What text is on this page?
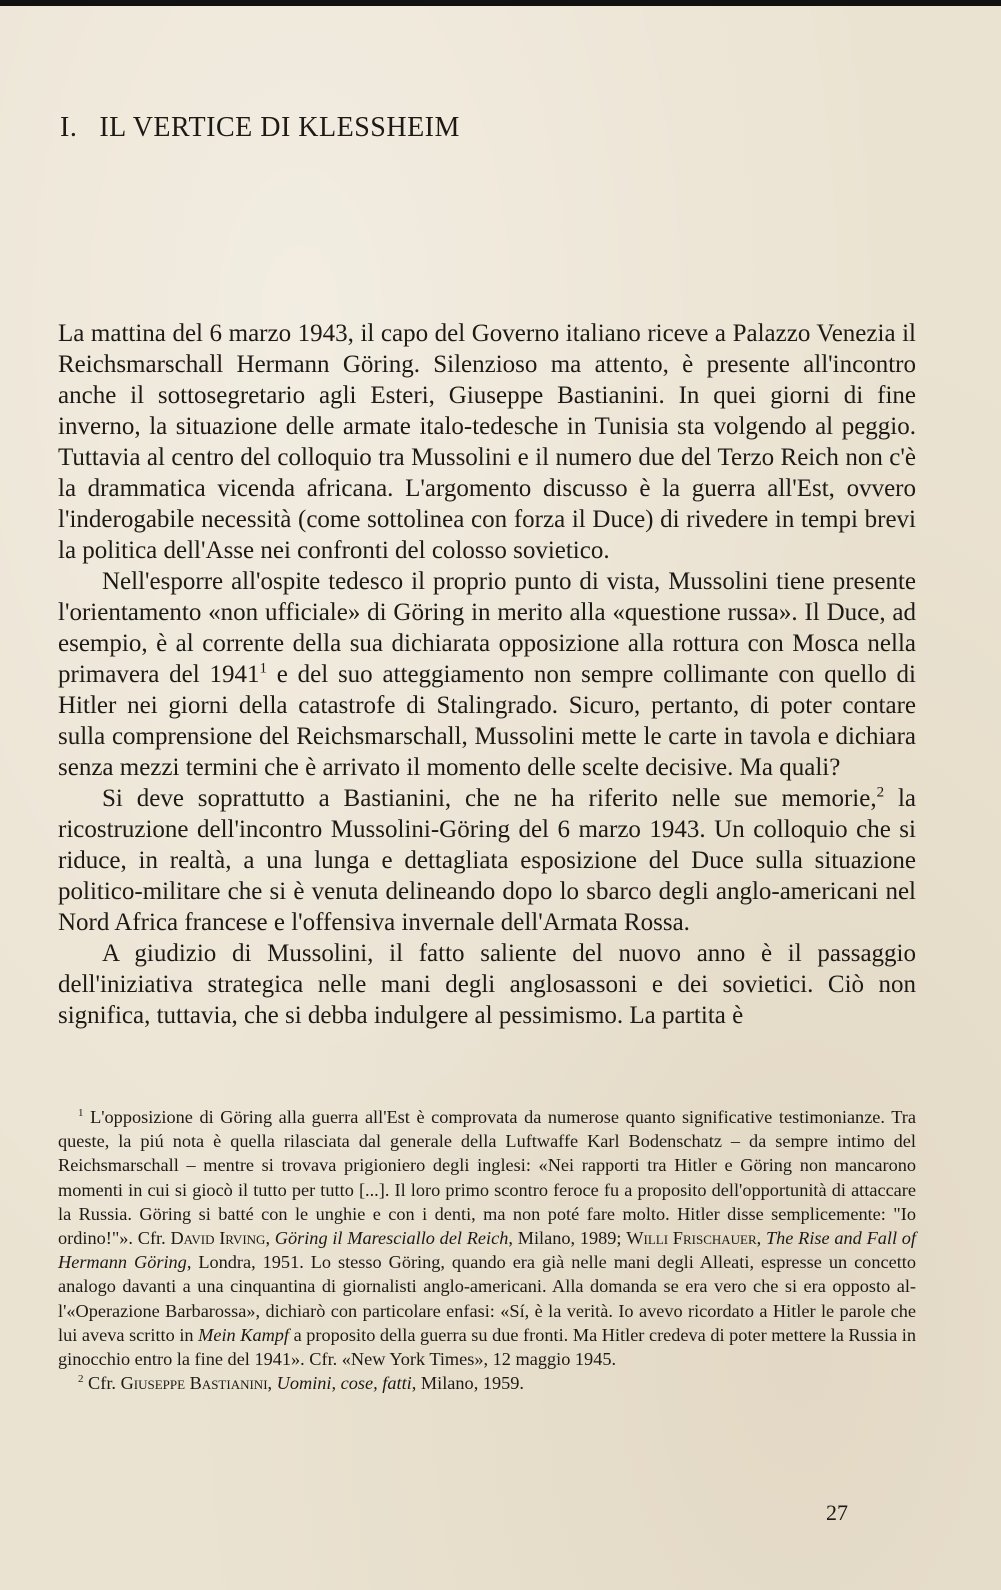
I. IL VERTICE DI KLESSHEIM

La mattina del 6 marzo 1943, il capo del Governo italiano riceve a Palazzo Venezia il Reichsmarschall Hermann Göring. Silenzioso ma attento, è presente all'incontro anche il sottosegretario agli Esteri, Giuseppe Bastianini. In quei giorni di fine inverno, la situazione delle armate italo-tedesche in Tunisia sta volgendo al peggio. Tuttavia al centro del colloquio tra Mussolini e il numero due del Terzo Reich non c'è la drammatica vicenda africana. L'argomento discusso è la guerra all'Est, ovvero l'inderogabile necessità (come sottolinea con forza il Duce) di rivedere in tempi brevi la politica dell'Asse nei confronti del colosso sovietico.

Nell'esporre all'ospite tedesco il proprio punto di vista, Mussolini tiene presente l'orientamento «non ufficiale» di Göring in merito alla «questione russa». Il Duce, ad esempio, è al corrente della sua dichiarata opposizione alla rottura con Mosca nella primavera del 1941$^1$ e del suo atteggiamento non sempre collimante con quello di Hitler nei giorni della catastrofe di Stalingrado. Sicuro, pertanto, di poter contare sulla comprensione del Reichsmarschall, Mussolini mette le carte in tavola e dichiara senza mezzi termini che è arrivato il momento delle scelte decisive. Ma quali?

Si deve soprattutto a Bastianini, che ne ha riferito nelle sue memorie,$^2$ la ricostruzione dell'incontro Mussolini-Göring del 6 marzo 1943. Un colloquio che si riduce, in realtà, a una lunga e dettagliata esposizione del Duce sulla situazione politico-militare che si è venuta delineando dopo lo sbarco degli anglo-americani nel Nord Africa francese e l'offensiva invernale dell'Armata Rossa.

A giudizio di Mussolini, il fatto saliente del nuovo anno è il passaggio dell'iniziativa strategica nelle mani degli anglosassoni e dei sovietici. Ciò non significa, tuttavia, che si debba indulgere al pessimismo. La partita è

$^1$ L'opposizione di Göring alla guerra all'Est è comprovata da numerose quanto significative testimonianze. Tra queste, la piú nota è quella rilasciata dal generale della Luftwaffe Karl Bodenschatz – da sempre intimo del Reichsmarschall – mentre si trovava prigioniero degli inglesi: «Nei rapporti tra Hitler e Göring non mancarono momenti in cui si giocò il tutto per tutto [...]. Il loro primo scontro feroce fu a proposito dell'opportunità di attaccare la Russia. Göring si batté con le unghie e con i denti, ma non poté fare molto. Hitler disse semplicemente: "Io ordino!"». Cfr. David Irving, Göring il Maresciallo del Reich, Milano, 1989; Willi Frischauer, The Rise and Fall of Hermann Göring, Londra, 1951. Lo stesso Göring, quando era già nelle mani degli Alleati, espresse un concetto analogo davanti a una cinquantina di giornalisti anglo-americani. Alla domanda se era vero che si era opposto all'«Operazione Barbarossa», dichiarò con particolare enfasi: «Sí, è la verità. Io avevo ricordato a Hitler le parole che lui aveva scritto in Mein Kampf a proposito della guerra su due fronti. Ma Hitler credeva di poter mettere la Russia in ginocchio entro la fine del 1941». Cfr. «New York Times», 12 maggio 1945.

$^2$ Cfr. Giuseppe Bastianini, Uomini, cose, fatti, Milano, 1959.

27
